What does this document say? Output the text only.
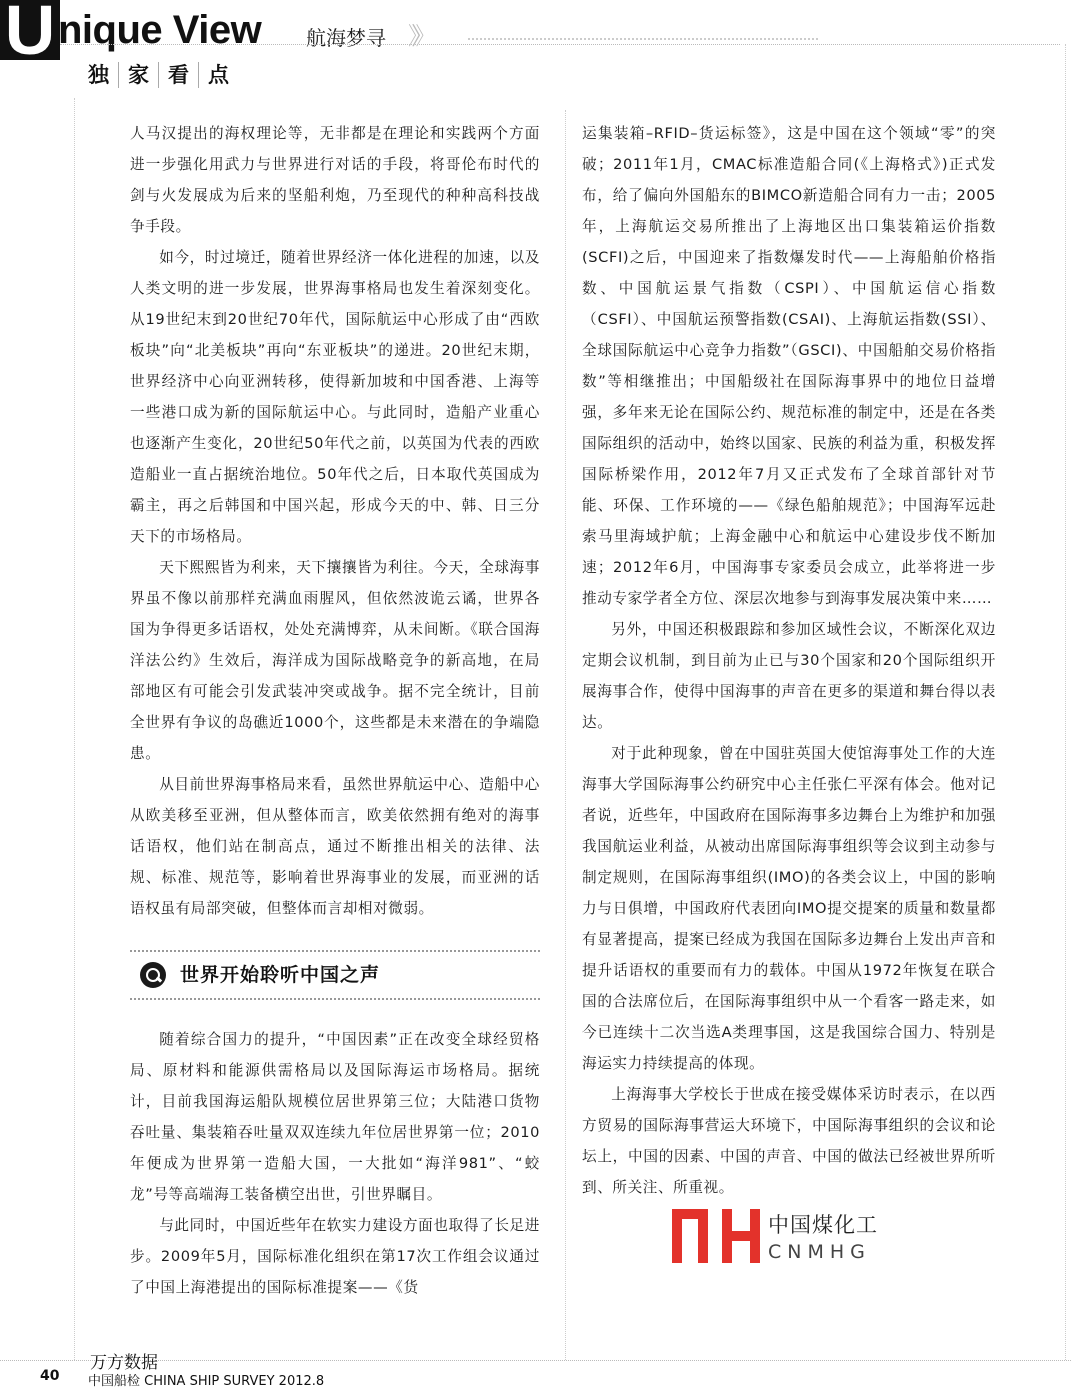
U nique View 航海梦寻 》》
独 家 看 点

人马汉提出的海权理论等，无非都是在理论和实践两个方面进一步强化用武力与世界进行对话的手段，将哥伦布时代的剑与火发展成为后来的坚船利炮，乃至现代的种种高科技战争手段。

如今，时过境迁，随着世界经济一体化进程的加速，以及人类文明的进一步发展，世界海事格局也发生着深刻变化。从19世纪末到20世纪70年代，国际航运中心形成了由“西欧板块”向“北美板块”再向“东亚板块”的递进。20世纪末期，世界经济中心向亚洲转移，使得新加坡和中国香港、上海等一些港口成为新的国际航运中心。与此同时，造船产业重心也逐渐产生变化，20世纪50年代之前，以英国为代表的西欧造船业一直占据统治地位。50年代之后，日本取代英国成为霸主，再之后韩国和中国兴起，形成今天的中、韩、日三分天下的市场格局。

天下熙熙皆为利来，天下攘攘皆为利往。今天，全球海事界虽不像以前那样充满血雨腥风，但依然波诡云谲，世界各国为争得更多话语权，处处充满博弈，从未间断。《联合国海洋法公约》生效后，海洋成为国际战略竞争的新高地，在局部地区有可能会引发武装冲突或战争。据不完全统计，目前全世界有争议的岛礁近1000个，这些都是未来潜在的争端隐患。

从目前世界海事格局来看，虽然世界航运中心、造船中心从欧美移至亚洲，但从整体而言，欧美依然拥有绝对的海事话语权，他们站在制高点，通过不断推出相关的法律、法规、标准、规范等，影响着世界海事业的发展，而亚洲的话语权虽有局部突破，但整体而言却相对微弱。

世界开始聆听中国之声

随着综合国力的提升，“中国因素”正在改变全球经贸格局、原材料和能源供需格局以及国际海运市场格局。据统计，目前我国海运船队规模位居世界第三位；大陆港口货物吞吐量、集装箱吞吐量双双连续九年位居世界第一位；2010年便成为世界第一造船大国，一大批如“海洋981”、“蛟龙”号等高端海工装备横空出世，引世界瞩目。

与此同时，中国近些年在软实力建设方面也取得了长足进步。2009年5月，国际标准化组织在第17次工作组会议通过了中国上海港提出的国际标准提案——《货

运集装箱–RFID–货运标签》，这是中国在这个领域“零”的突破；2011年1月，CMAC标准造船合同(《上海格式》)正式发布，给了偏向外国船东的BIMCO新造船合同有力一击；2005年，上海航运交易所推出了上海地区出口集装箱运价指数(SCFI)之后，中国迎来了指数爆发时代——上海船舶价格指数、中国航运景气指数（CSPI）、中国航运信心指数（CSFI）、中国航运预警指数(CSAI)、上海航运指数(SSI）、全球国际航运中心竞争力指数”（GSCI)、中国船舶交易价格指数”等相继推出；中国船级社在国际海事界中的地位日益增强，多年来无论在国际公约、规范标准的制定中，还是在各类国际组织的活动中，始终以国家、民族的利益为重，积极发挥国际桥梁作用，2012年7月又正式发布了全球首部针对节能、环保、工作环境的——《绿色船舶规范》；中国海军远赴索马里海域护航；上海金融中心和航运中心建设步伐不断加速；2012年6月，中国海事专家委员会成立，此举将进一步推动专家学者全方位、深层次地参与到海事发展决策中来……

另外，中国还积极跟踪和参加区域性会议，不断深化双边定期会议机制，到目前为止已与30个国家和20个国际组织开展海事合作，使得中国海事的声音在更多的渠道和舞台得以表达。

对于此种现象，曾在中国驻英国大使馆海事处工作的大连海事大学国际海事公约研究中心主任张仁平深有体会。他对记者说，近些年，中国政府在国际海事多边舞台上为维护和加强我国航运业利益，从被动出席国际海事组织等会议到主动参与制定规则，在国际海事组织(IMO)的各类会议上，中国的影响力与日俱增，中国政府代表团向IMO提交提案的质量和数量都有显著提高，提案已经成为我国在国际多边舞台上发出声音和提升话语权的重要而有力的载体。中国从1972年恢复在联合国的合法席位后，在国际海事组织中从一个看客一路走来，如今已连续十二次当选A类理事国，这是我国综合国力、特别是海运实力持续提高的体现。

上海海事大学校长于世成在接受媒体采访时表示，在以西方贸易的国际海事营运大环境下，中国际海事组织的会议和论坛上，中国的因素、中国的声音、中国的做法已经被世界所听到、所关注、所重视。

中国煤化工
CNMHG
40
万方数据
中国船检 CHINA SHIP SURVEY 2012.8
